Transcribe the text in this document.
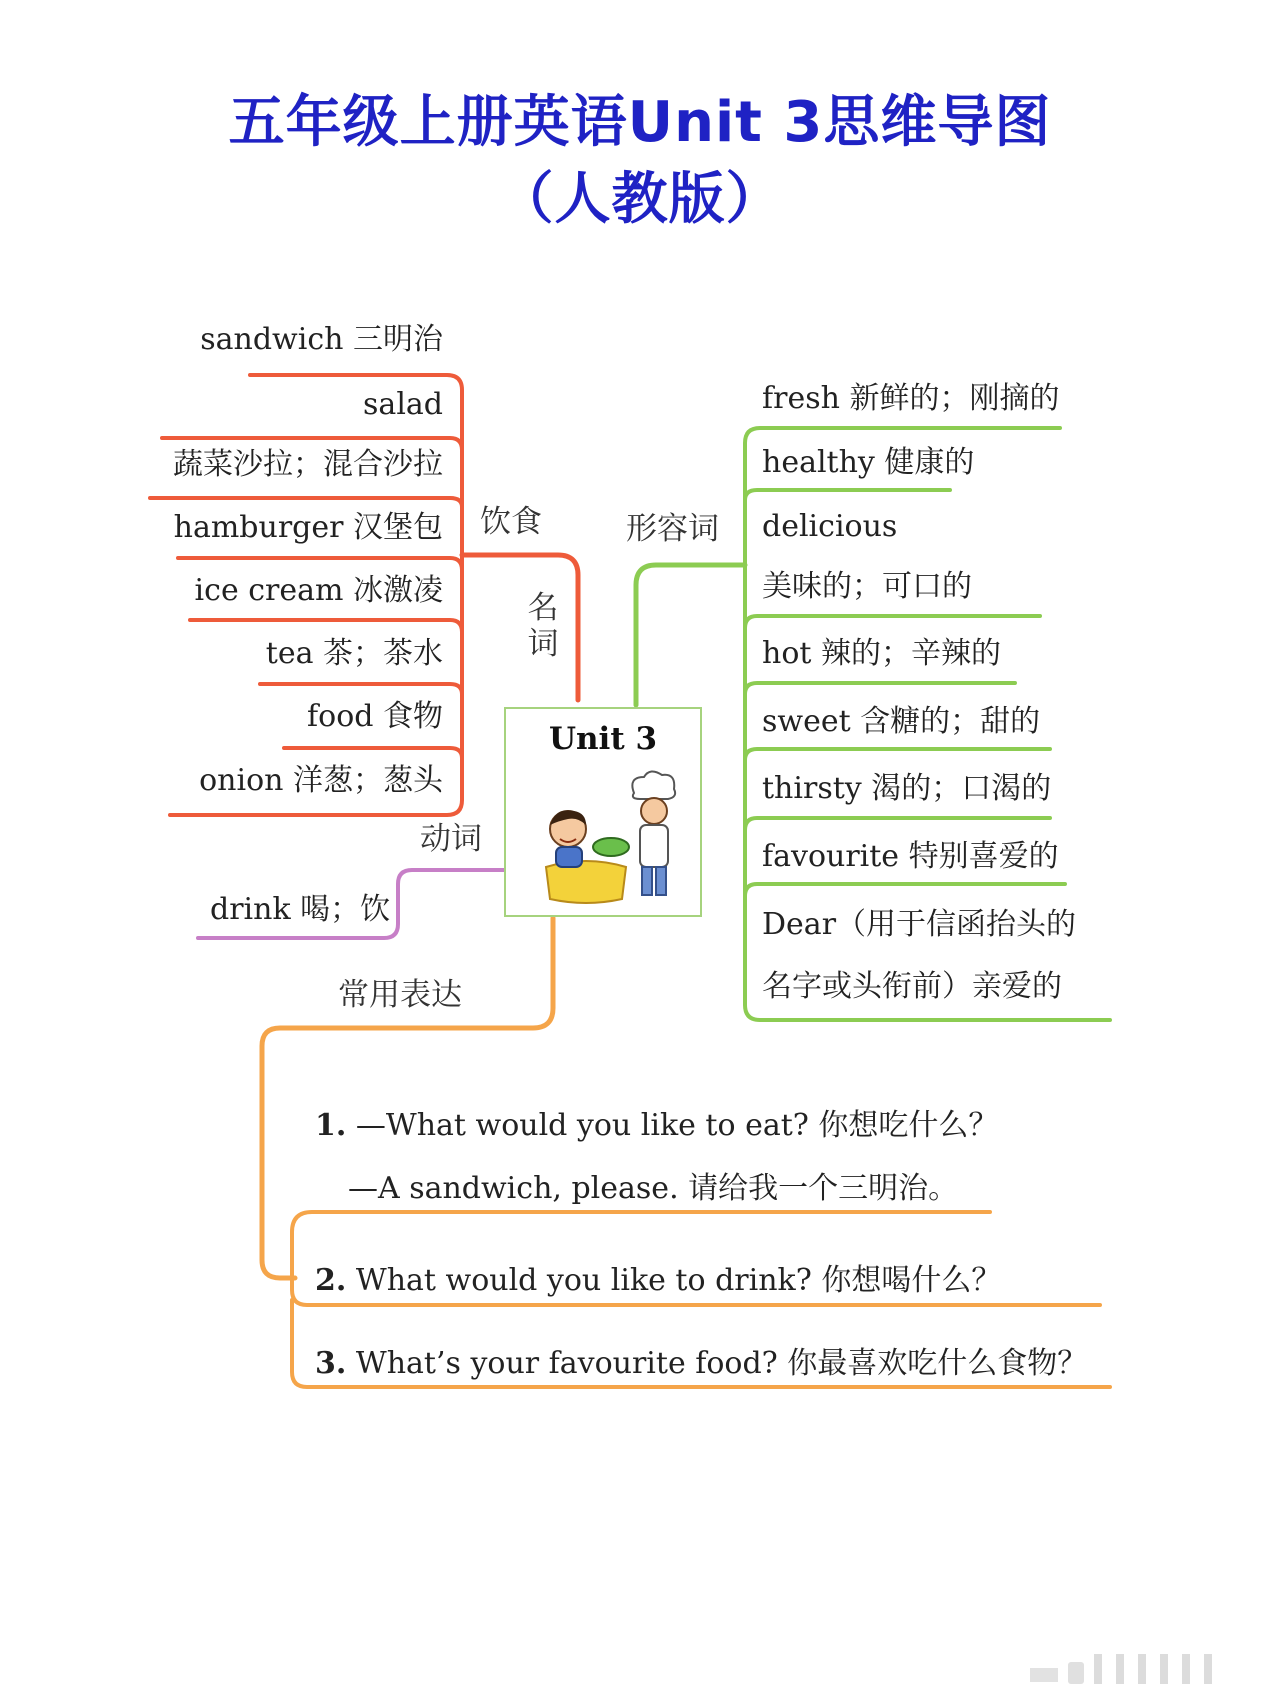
五年级上册英语Unit 3思维导图
（人教版）
sandwich 三明治
salad
蔬菜沙拉；混合沙拉
hamburger 汉堡包
ice cream 冰激凌
tea 茶；茶水
food 食物
onion 洋葱；葱头
饮食
名
词
动词
drink 喝；饮
形容词
fresh 新鲜的；刚摘的
healthy 健康的
delicious
美味的；可口的
hot 辣的；辛辣的
sweet 含糖的；甜的
thirsty 渴的；口渴的
favourite 特别喜爱的
Dear（用于信函抬头的
名字或头衔前）亲爱的
常用表达
1. —What would you like to eat? 你想吃什么？
—A sandwich, please. 请给我一个三明治。
2. What would you like to drink? 你想喝什么？
3. What’s your favourite food? 你最喜欢吃什么食物？
Unit 3
